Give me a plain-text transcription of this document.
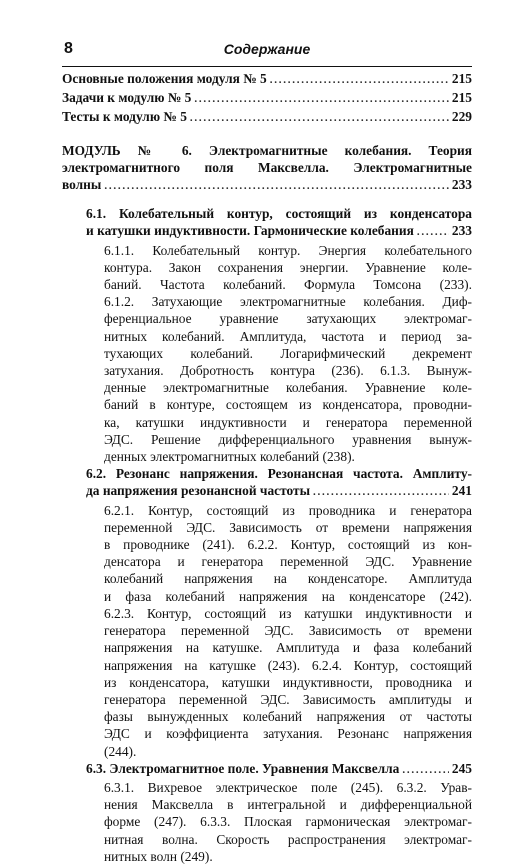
8	Содержание
Основные положения модуля № 5 . . .	215
Задачи к модулю № 5 . . .	215
Тесты к модулю № 5 . . .	229
МОДУЛЬ № 6. Электромагнитные колебания. Теория
электромагнитного поля Максвелла. Электромагнитные
волны . . .	233
6.1. Колебательный контур, состоящий из конденсатора
и катушки индуктивности. Гармонические колебания . . .	233
6.1.1. Колебательный контур. Энергия колебательного
контура. Закон сохранения энергии. Уравнение коле-
баний. Частота колебаний. Формула Томсона (233).
6.1.2. Затухающие электромагнитные колебания. Диф-
ференциальное уравнение затухающих электромаг-
нитных колебаний. Амплитуда, частота и период за-
тухающих колебаний. Логарифмический декремент
затухания. Добротность контура (236). 6.1.3. Вынуж-
денные электромагнитные колебания. Уравнение коле-
баний в контуре, состоящем из конденсатора, проводни-
ка, катушки индуктивности и генератора переменной
ЭДС. Решение дифференциального уравнения вынуж-
денных электромагнитных колебаний (238).
6.2. Резонанс напряжения. Резонансная частота. Амплиту-
да напряжения резонансной частоты . . .	241
6.2.1. Контур, состоящий из проводника и генератора
переменной ЭДС. Зависимость от времени напряжения
в проводнике (241). 6.2.2. Контур, состоящий из кон-
денсатора и генератора переменной ЭДС. Уравнение
колебаний напряжения на конденсаторе. Амплитуда
и фаза колебаний напряжения на конденсаторе (242).
6.2.3. Контур, состоящий из катушки индуктивности и
генератора переменной ЭДС. Зависимость от времени
напряжения на катушке. Амплитуда и фаза колебаний
напряжения на катушке (243). 6.2.4. Контур, состоящий
из конденсатора, катушки индуктивности, проводника и
генератора переменной ЭДС. Зависимость амплитуды и
фазы вынужденных колебаний напряжения от частоты
ЭДС и коэффициента затухания. Резонанс напряжения
(244).
6.3. Электромагнитное поле. Уравнения Максвелла . . .	245
6.3.1. Вихревое электрическое поле (245). 6.3.2. Урав-
нения Максвелла в интегральной и дифференциальной
форме (247). 6.3.3. Плоская гармоническая электромаг-
нитная волна. Скорость распространения электромаг-
нитных волн (249).
